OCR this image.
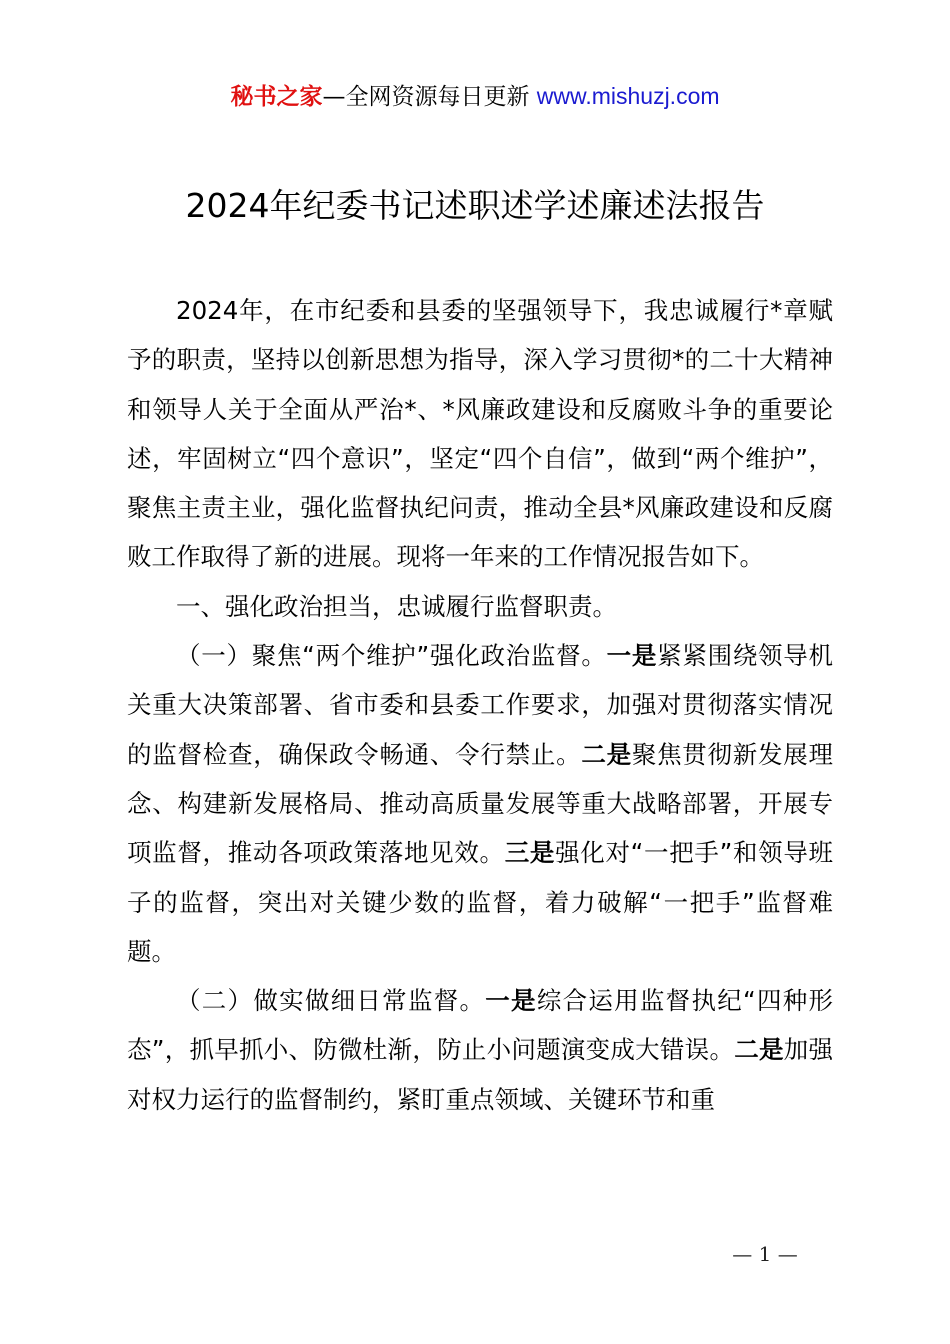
秘书之家—全网资源每日更新 www.mishuzj.com
2024年纪委书记述职述学述廉述法报告

2024年，在市纪委和县委的坚强领导下，我忠诚履行*章赋予的职责，坚持以创新思想为指导，深入学习贯彻*的二十大精神和领导人关于全面从严治*、*风廉政建设和反腐败斗争的重要论述，牢固树立“四个意识”，坚定“四个自信”，做到“两个维护”，聚焦主责主业，强化监督执纪问责，推动全县*风廉政建设和反腐败工作取得了新的进展。现将一年来的工作情况报告如下。

一、强化政治担当，忠诚履行监督职责。

（一）聚焦“两个维护”强化政治监督。一是紧紧围绕领导机关重大决策部署、省市委和县委工作要求，加强对贯彻落实情况的监督检查，确保政令畅通、令行禁止。二是聚焦贯彻新发展理念、构建新发展格局、推动高质量发展等重大战略部署，开展专项监督，推动各项政策落地见效。三是强化对“一把手”和领导班子的监督，突出对关键少数的监督，着力破解“一把手”监督难题。

（二）做实做细日常监督。一是综合运用监督执纪“四种形态”，抓早抓小、防微杜渐，防止小问题演变成大错误。二是加强对权力运行的监督制约，紧盯重点领域、关键环节和重

— 1 —
